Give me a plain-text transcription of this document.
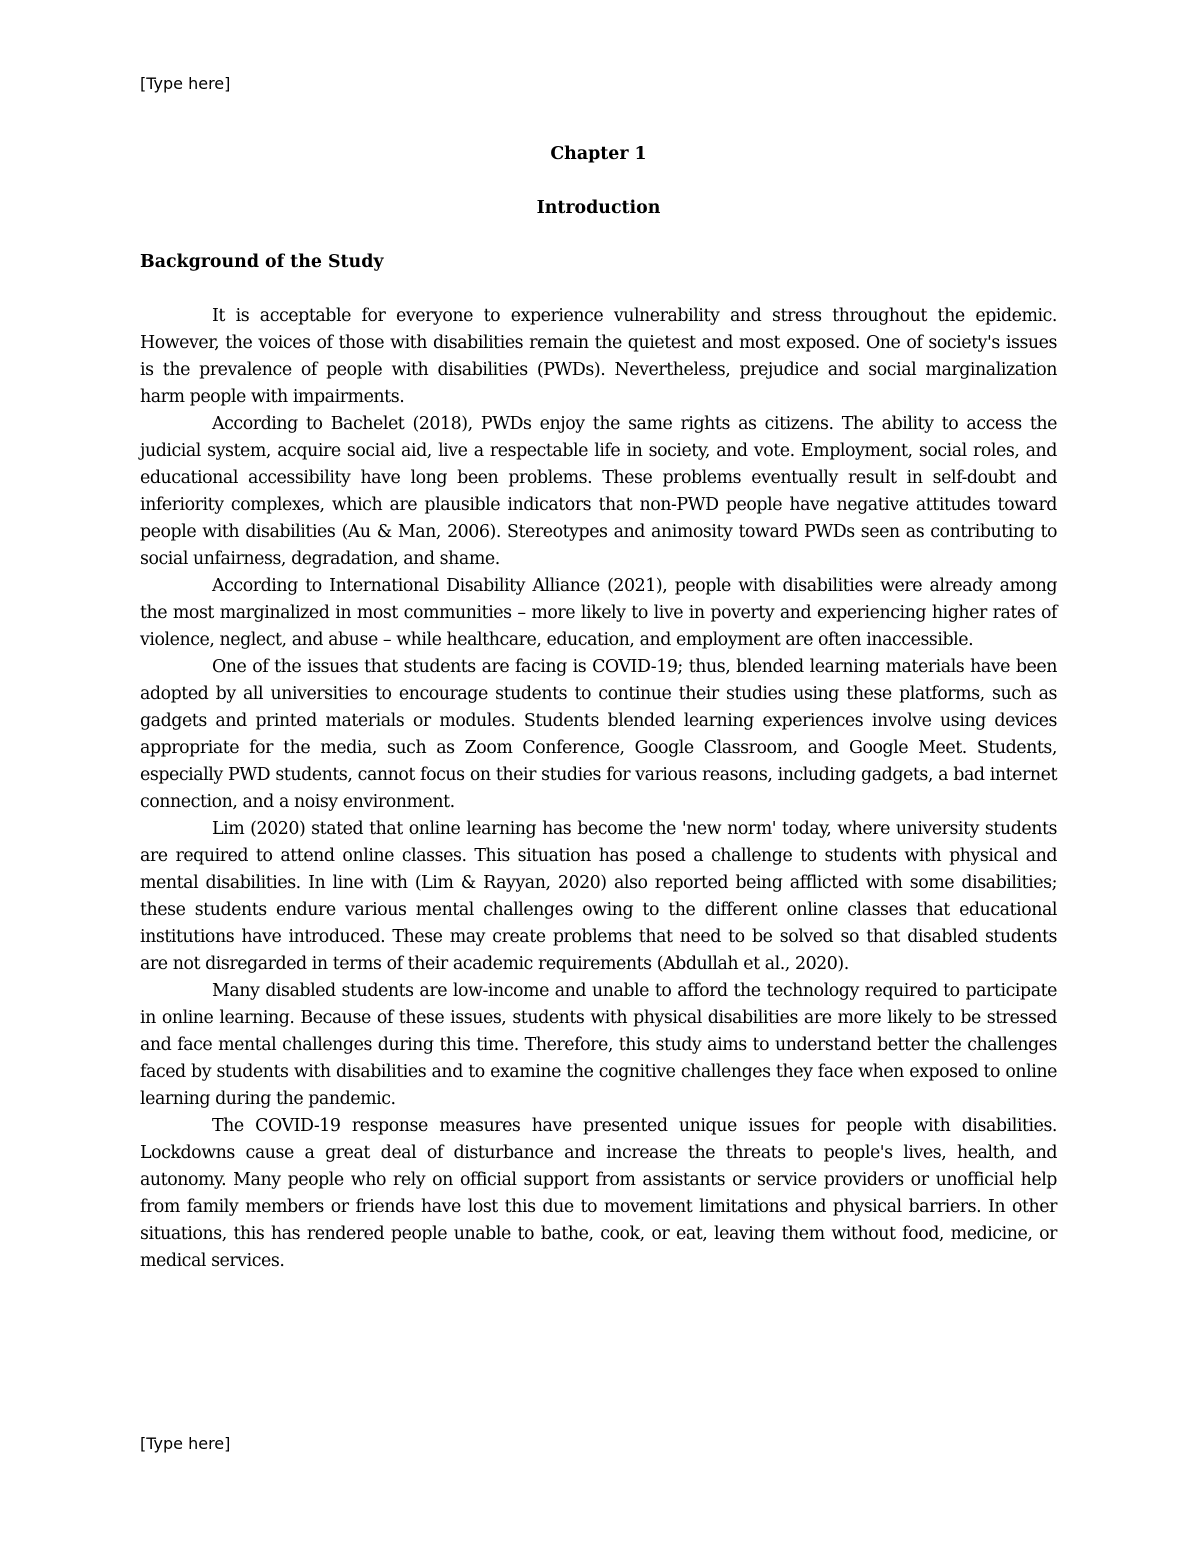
[Type here]

Chapter 1

Introduction

Background of the Study

It is acceptable for everyone to experience vulnerability and stress throughout the epidemic. However, the voices of those with disabilities remain the quietest and most exposed. One of society's issues is the prevalence of people with disabilities (PWDs). Nevertheless, prejudice and social marginalization harm people with impairments.

According to Bachelet (2018), PWDs enjoy the same rights as citizens. The ability to access the judicial system, acquire social aid, live a respectable life in society, and vote. Employment, social roles, and educational accessibility have long been problems. These problems eventually result in self-doubt and inferiority complexes, which are plausible indicators that non-PWD people have negative attitudes toward people with disabilities (Au & Man, 2006). Stereotypes and animosity toward PWDs seen as contributing to social unfairness, degradation, and shame.

According to International Disability Alliance (2021), people with disabilities were already among the most marginalized in most communities – more likely to live in poverty and experiencing higher rates of violence, neglect, and abuse – while healthcare, education, and employment are often inaccessible.

One of the issues that students are facing is COVID-19; thus, blended learning materials have been adopted by all universities to encourage students to continue their studies using these platforms, such as gadgets and printed materials or modules. Students blended learning experiences involve using devices appropriate for the media, such as Zoom Conference, Google Classroom, and Google Meet. Students, especially PWD students, cannot focus on their studies for various reasons, including gadgets, a bad internet connection, and a noisy environment.

Lim (2020) stated that online learning has become the 'new norm' today, where university students are required to attend online classes. This situation has posed a challenge to students with physical and mental disabilities. In line with (Lim & Rayyan, 2020) also reported being afflicted with some disabilities; these students endure various mental challenges owing to the different online classes that educational institutions have introduced. These may create problems that need to be solved so that disabled students are not disregarded in terms of their academic requirements (Abdullah et al., 2020).

Many disabled students are low-income and unable to afford the technology required to participate in online learning. Because of these issues, students with physical disabilities are more likely to be stressed and face mental challenges during this time. Therefore, this study aims to understand better the challenges faced by students with disabilities and to examine the cognitive challenges they face when exposed to online learning during the pandemic.

The COVID-19 response measures have presented unique issues for people with disabilities. Lockdowns cause a great deal of disturbance and increase the threats to people's lives, health, and autonomy. Many people who rely on official support from assistants or service providers or unofficial help from family members or friends have lost this due to movement limitations and physical barriers. In other situations, this has rendered people unable to bathe, cook, or eat, leaving them without food, medicine, or medical services.

[Type here]
